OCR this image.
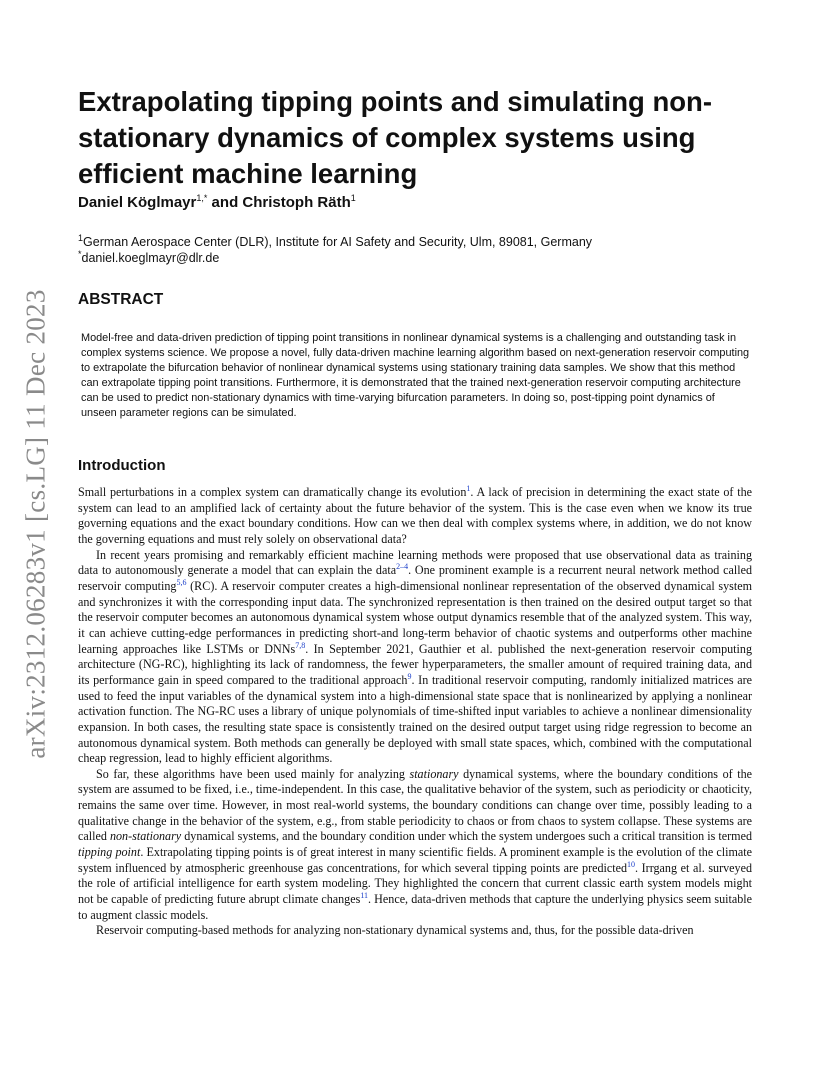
arXiv:2312.06283v1 [cs.LG] 11 Dec 2023
Extrapolating tipping points and simulating non-stationary dynamics of complex systems using efficient machine learning
Daniel Köglmayr$^{1,*}$ and Christoph Räth$^1$
$^1$German Aerospace Center (DLR), Institute for AI Safety and Security, Ulm, 89081, Germany
*daniel.koeglmayr@dlr.de
ABSTRACT
Model-free and data-driven prediction of tipping point transitions in nonlinear dynamical systems is a challenging and outstanding task in complex systems science. We propose a novel, fully data-driven machine learning algorithm based on next-generation reservoir computing to extrapolate the bifurcation behavior of nonlinear dynamical systems using stationary training data samples. We show that this method can extrapolate tipping point transitions. Furthermore, it is demonstrated that the trained next-generation reservoir computing architecture can be used to predict non-stationary dynamics with time-varying bifurcation parameters. In doing so, post-tipping point dynamics of unseen parameter regions can be simulated.
Introduction

Small perturbations in a complex system can dramatically change its evolution$^1$. A lack of precision in determining the exact state of the system can lead to an amplified lack of certainty about the future behavior of the system. This is the case even when we know its true governing equations and the exact boundary conditions. How can we then deal with complex systems where, in addition, we do not know the governing equations and must rely solely on observational data?

In recent years promising and remarkably efficient machine learning methods were proposed that use observational data as training data to autonomously generate a model that can explain the data$^{2-4}$. One prominent example is a recurrent neural network method called reservoir computing$^{5,6}$ (RC). A reservoir computer creates a high-dimensional nonlinear representation of the observed dynamical system and synchronizes it with the corresponding input data. The synchronized representation is then trained on the desired output target so that the reservoir computer becomes an autonomous dynamical system whose output dynamics resemble that of the analyzed system. This way, it can achieve cutting-edge performances in predicting short-and long-term behavior of chaotic systems and outperforms other machine learning approaches like LSTMs or DNNs$^{7,8}$. In September 2021, Gauthier et al. published the next-generation reservoir computing architecture (NG-RC), highlighting its lack of randomness, the fewer hyperparameters, the smaller amount of required training data, and its performance gain in speed compared to the traditional approach$^9$. In traditional reservoir computing, randomly initialized matrices are used to feed the input variables of the dynamical system into a high-dimensional state space that is nonlinearized by applying a nonlinear activation function. The NG-RC uses a library of unique polynomials of time-shifted input variables to achieve a nonlinear dimensionality expansion. In both cases, the resulting state space is consistently trained on the desired output target using ridge regression to become an autonomous dynamical system. Both methods can generally be deployed with small state spaces, which, combined with the computational cheap regression, lead to highly efficient algorithms.

So far, these algorithms have been used mainly for analyzing stationary dynamical systems, where the boundary conditions of the system are assumed to be fixed, i.e., time-independent. In this case, the qualitative behavior of the system, such as periodicity or chaoticity, remains the same over time. However, in most real-world systems, the boundary conditions can change over time, possibly leading to a qualitative change in the behavior of the system, e.g., from stable periodicity to chaos or from chaos to system collapse. These systems are called non-stationary dynamical systems, and the boundary condition under which the system undergoes such a critical transition is termed tipping point. Extrapolating tipping points is of great interest in many scientific fields. A prominent example is the evolution of the climate system influenced by atmospheric greenhouse gas concentrations, for which several tipping points are predicted$^{10}$. Irrgang et al. surveyed the role of artificial intelligence for earth system modeling. They highlighted the concern that current classic earth system models might not be capable of predicting future abrupt climate changes$^{11}$. Hence, data-driven methods that capture the underlying physics seem suitable to augment classic models.

Reservoir computing-based methods for analyzing non-stationary dynamical systems and, thus, for the possible data-driven
